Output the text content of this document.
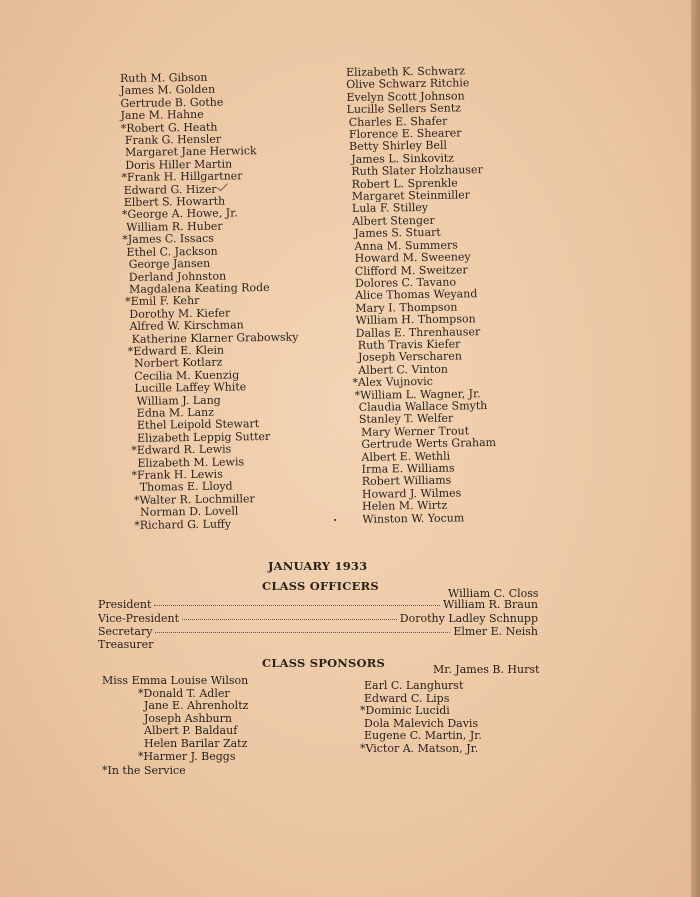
Ruth M. Gibson
James M. Golden
Gertrude B. Gothe
Jane M. Hahne
*Robert G. Heath
Frank G. Hensler
Margaret Jane Herwick
Doris Hiller Martin
*Frank H. Hillgartner
Edward G. Hizer
Elbert S. Howarth
*George A. Howe, Jr.
William R. Huber
*James C. Issacs
Ethel C. Jackson
George Jansen
Derland Johnston
Magdalena Keating Rode
*Emil F. Kehr
Dorothy M. Kiefer
Alfred W. Kirschman
Katherine Klarner Grabowsky
*Edward E. Klein
Norbert Kotlarz
Cecilia M. Kuenzig
Lucille Laffey White
William J. Lang
Edna M. Lanz
Ethel Leipold Stewart
Elizabeth Leppig Sutter
*Edward R. Lewis
Elizabeth M. Lewis
*Frank H. Lewis
Thomas E. Lloyd
*Walter R. Lochmiller
Norman D. Lovell
*Richard G. Luffy
Elizabeth K. Schwarz
Olive Schwarz Ritchie
Evelyn Scott Johnson
Lucille Sellers Sentz
Charles E. Shafer
Florence E. Shearer
Betty Shirley Bell
James L. Sinkovitz
Ruth Slater Holzhauser
Robert L. Sprenkle
Margaret Steinmiller
Lula F. Stilley
Albert Stenger
James S. Stuart
Anna M. Summers
Howard M. Sweeney
Clifford M. Sweitzer
Dolores C. Tavano
Alice Thomas Weyand
Mary I. Thompson
William H. Thompson
Dallas E. Threnhauser
Ruth Travis Kiefer
Joseph Verscharen
Albert C. Vinton
*Alex Vujnovic
*William L. Wagner, Jr.
Claudia Wallace Smyth
Stanley T. Welfer
Mary Werner Trout
Gertrude Werts Graham
Albert E. Wethli
Irma E. Williams
Robert Williams
Howard J. Wilmes
Helen M. Wirtz
Winston W. Yocum
JANUARY 1933
CLASS OFFICERS
William C. Closs
President	William R. Braun
Vice-President	Dorothy Ladley Schnupp
Secretary	Elmer E. Neish
Treasurer
CLASS SPONSORS	Mr. James B. Hurst
Miss Emma Louise Wilson
*Donald T. Adler
Jane E. Ahrenholtz
Joseph Ashburn
Albert P. Baldauf
Helen Barilar Zatz
*Harmer J. Beggs
Earl C. Langhurst
Edward C. Lips
*Dominic Lucidi
Dola Malevich Davis
Eugene C. Martin, Jr.
*Victor A. Matson, Jr.
*In the Service
